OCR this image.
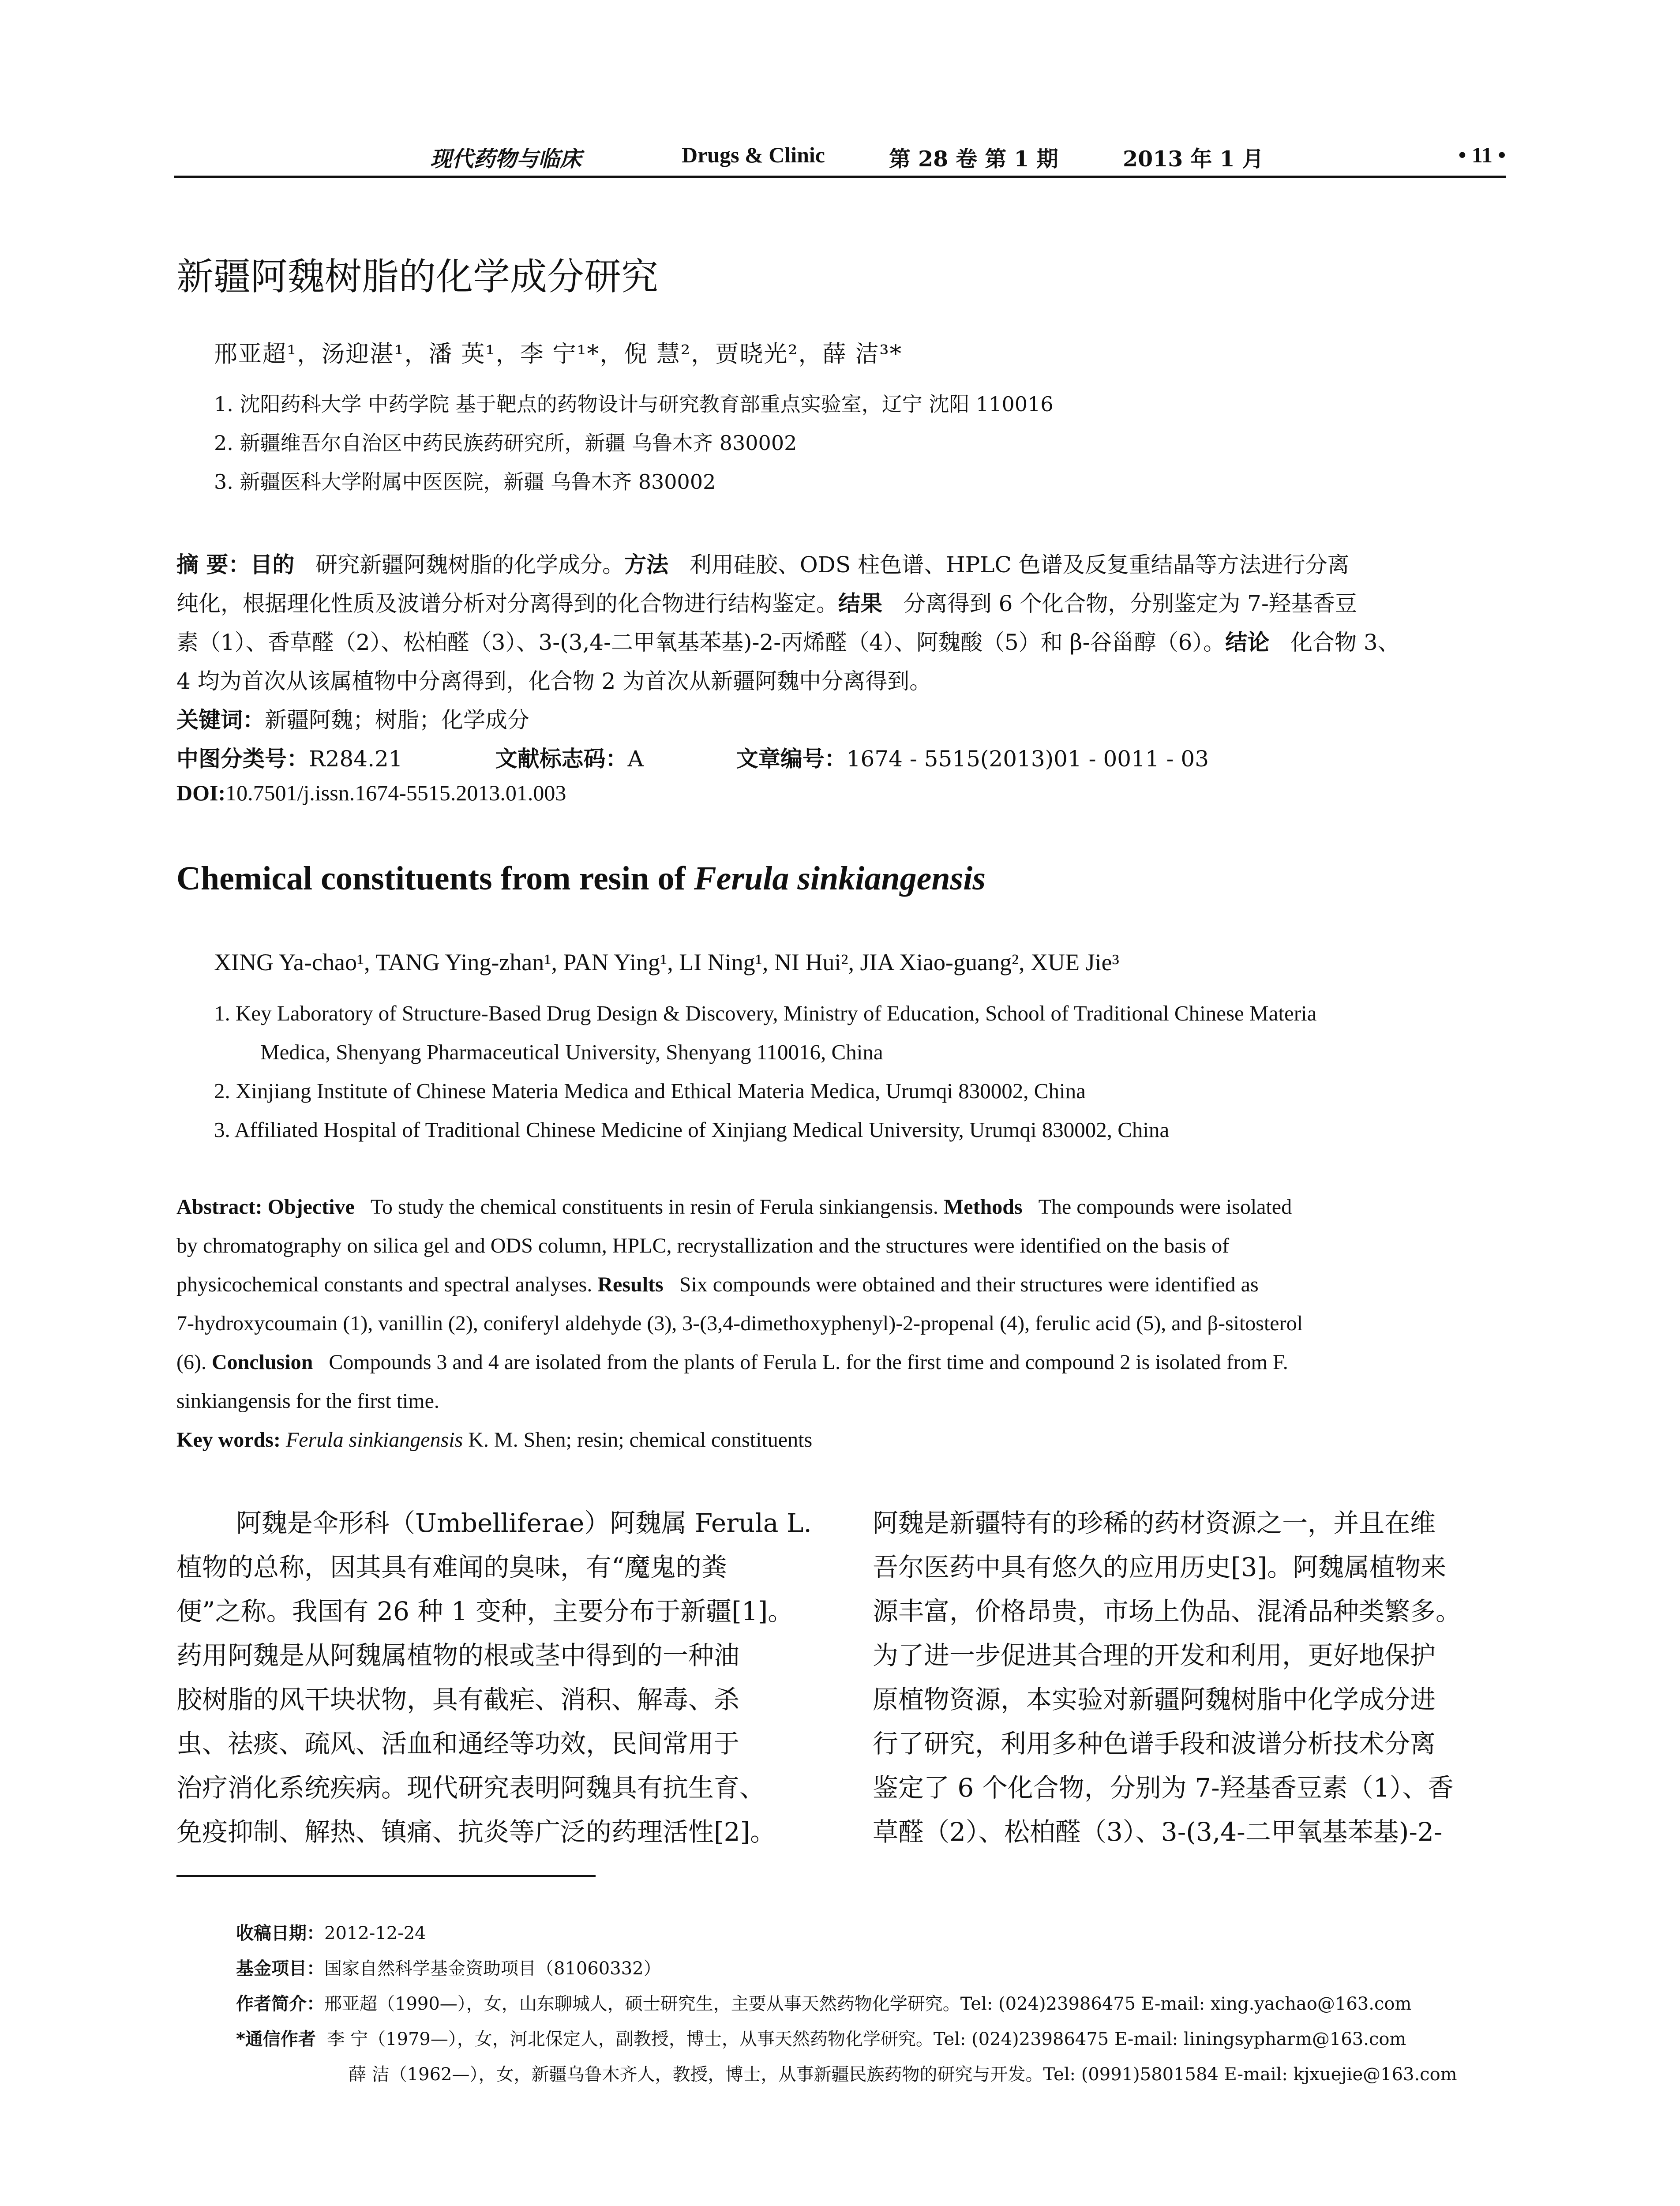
现代药物与临床	Drugs & Clinic	第 28 卷 第 1 期	2013 年 1 月	• 11 •
新疆阿魏树脂的化学成分研究
邢亚超¹，汤迎湛¹，潘 英¹，李 宁¹*，倪 慧²，贾晓光²，薛 洁³*
1. 沈阳药科大学 中药学院 基于靶点的药物设计与研究教育部重点实验室，辽宁 沈阳 110016
2. 新疆维吾尔自治区中药民族药研究所，新疆 乌鲁木齐 830002
3. 新疆医科大学附属中医医院，新疆 乌鲁木齐 830002
摘 要：目的 研究新疆阿魏树脂的化学成分。方法 利用硅胶、ODS 柱色谱、HPLC 色谱及反复重结晶等方法进行分离
纯化，根据理化性质及波谱分析对分离得到的化合物进行结构鉴定。结果 分离得到 6 个化合物，分别鉴定为 7-羟基香豆
素（1）、香草醛（2）、松柏醛（3）、3-(3,4-二甲氧基苯基)-2-丙烯醛（4）、阿魏酸（5）和 β-谷甾醇（6）。结论 化合物 3、
4 均为首次从该属植物中分离得到，化合物 2 为首次从新疆阿魏中分离得到。
关键词：新疆阿魏；树脂；化学成分
中图分类号：R284.21	文献标志码：A	文章编号：1674 - 5515(2013)01 - 0011 - 03
DOI:10.7501/j.issn.1674-5515.2013.01.003
Chemical constituents from resin of Ferula sinkiangensis
XING Ya-chao¹, TANG Ying-zhan¹, PAN Ying¹, LI Ning¹, NI Hui², JIA Xiao-guang², XUE Jie³
1. Key Laboratory of Structure-Based Drug Design & Discovery, Ministry of Education, School of Traditional Chinese Materia
Medica, Shenyang Pharmaceutical University, Shenyang 110016, China
2. Xinjiang Institute of Chinese Materia Medica and Ethical Materia Medica, Urumqi 830002, China
3. Affiliated Hospital of Traditional Chinese Medicine of Xinjiang Medical University, Urumqi 830002, China
Abstract: Objective To study the chemical constituents in resin of Ferula sinkiangensis. Methods The compounds were isolated
by chromatography on silica gel and ODS column, HPLC, recrystallization and the structures were identified on the basis of
physicochemical constants and spectral analyses. Results Six compounds were obtained and their structures were identified as
7-hydroxycoumain (1), vanillin (2), coniferyl aldehyde (3), 3-(3,4-dimethoxyphenyl)-2-propenal (4), ferulic acid (5), and β-sitosterol
(6). Conclusion Compounds 3 and 4 are isolated from the plants of Ferula L. for the first time and compound 2 is isolated from F.
sinkiangensis for the first time.
Key words: Ferula sinkiangensis K. M. Shen; resin; chemical constituents
阿魏是伞形科（Umbelliferae）阿魏属 Ferula L.
植物的总称，因其具有难闻的臭味，有“魔鬼的粪
便”之称。我国有 26 种 1 变种，主要分布于新疆[1]。
药用阿魏是从阿魏属植物的根或茎中得到的一种油
胶树脂的风干块状物，具有截疟、消积、解毒、杀
虫、祛痰、疏风、活血和通经等功效，民间常用于
治疗消化系统疾病。现代研究表明阿魏具有抗生育、
免疫抑制、解热、镇痛、抗炎等广泛的药理活性[2]。
阿魏是新疆特有的珍稀的药材资源之一，并且在维
吾尔医药中具有悠久的应用历史[3]。阿魏属植物来
源丰富，价格昂贵，市场上伪品、混淆品种类繁多。
为了进一步促进其合理的开发和利用，更好地保护
原植物资源，本实验对新疆阿魏树脂中化学成分进
行了研究，利用多种色谱手段和波谱分析技术分离
鉴定了 6 个化合物，分别为 7-羟基香豆素（1）、香
草醛（2）、松柏醛（3）、3-(3,4-二甲氧基苯基)-2-
收稿日期：2012-12-24
基金项目：国家自然科学基金资助项目（81060332）
作者简介：邢亚超（1990—），女，山东聊城人，硕士研究生，主要从事天然药物化学研究。Tel: (024)23986475 E-mail: xing.yachao@163.com
*通信作者 李 宁（1979—），女，河北保定人，副教授，博士，从事天然药物化学研究。Tel: (024)23986475 E-mail: liningsypharm@163.com
薛 洁（1962—），女，新疆乌鲁木齐人，教授，博士，从事新疆民族药物的研究与开发。Tel: (0991)5801584 E-mail: kjxuejie@163.com
